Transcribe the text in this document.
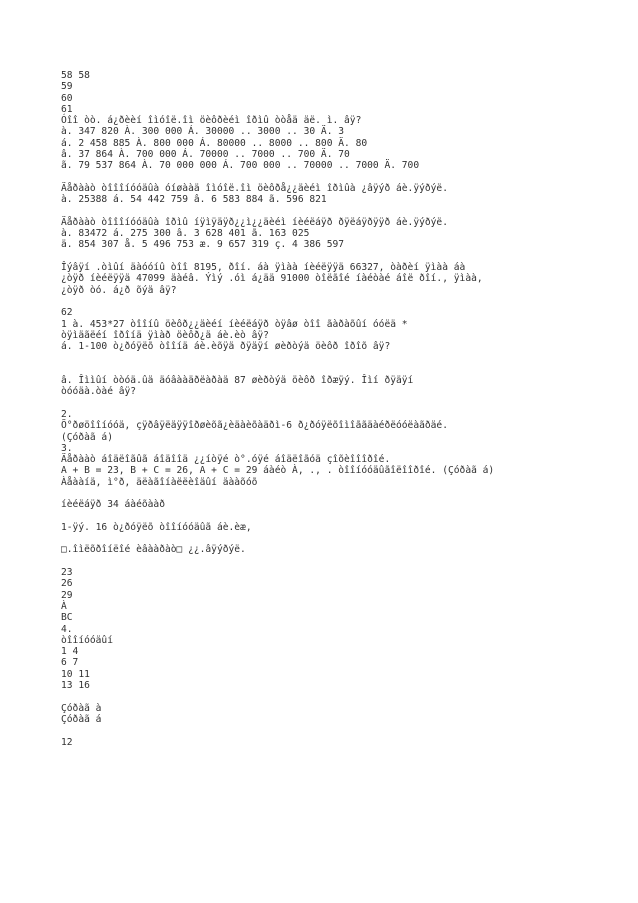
58 58
59
60
61
Óîî òò. á¿ðèèí îìóîë.îì öèôðèéì îðìû òòåä äë. ì. âÿ?
à. 347 820 À. 300 000 Á. 30000 .. 3000 .. 30 Ä. 3
á. 2 458 885 À. 800 000 Á. 80000 .. 8000 .. 800 Ä. 80
â. 37 864 À. 700 000 Á. 70000 .. 7000 .. 700 Ä. 70
ã. 79 537 864 À. 70 000 000 Á. 700 000 .. 70000 .. 7000 Ä. 700
Äåðààò òîîîíóóäûà óíøààä îìóîë.îì öèôðå¿¿äèéì îðìûà ¿âÿýð áè.ÿýðýë.
à. 25388 á. 54 442 759 â. 6 583 884 ã. 596 821
Äåðààò òîîîíóóäûà îðìû íÿìÿäÿð¿¿ì¿¿äèéì íèéëáÿð ðÿëáÿðÿÿð áè.ÿýðýë.
à. 83472 á. 275 300 â. 3 628 401 ã. 163 025
ä. 854 307 å. 5 496 753 æ. 9 657 319 ç. 4 386 597
Îýâÿí .òìûí äàóóíû òîî 8195, ðîí. áà ÿìàà íèéëÿÿä 66327, òàðèí ÿìàà áà
¿òÿð íèéëÿÿä 47099 äàéâ. Ýìý .óì á¿ää 91000 òîëãîé íàéòàé áîë ðîí., ÿìàà,
¿òÿð òó. á¿ð õýä âÿ?
62
1 à. 453*27 òîîíû öèôð¿¿äèéí íèéëáÿð òÿâø òîî ãàðàõûí óóëä *
òÿìäãëéí îðîíä ÿìàð öèôð¿ä áè.èò âÿ?
á. 1-100 ò¿ðóÿëõ òîîíä áè.èõÿä ðÿäÿí øèðòýä öèôð îðîõ âÿ?
â. Îììûí òòóä.ûä äóâààäðëàðàä 87 øèðòýä öèôð îðæÿý. Îìí ðÿäÿí
òóóäà.òàé âÿ?
2.
Õ°ðøöîîíóóä, çÿðâÿëäÿÿîðøèõã¿èäàèõàäðì-6 ð¿ðóÿëõîìîããäàéðëóóëàãðäé.
(Çóðàã á)
3.
Äåðààò áîäëîãûã áîäîîä ¿¿íòÿé ò°.óÿé áîäëîãóä çîõèîîîðîé.
A + B = 23, B + C = 26, A + C = 29 áàéò À, ., . òîîíóóäûãîëîîðîé. (Çóðàã á)
Àåààíä, ì°ð, äëàãîíàëëèîäûí äààõóõ
íèéëáÿð 34 áàéõààð
1-ÿý. 16 ò¿ðóÿëõ òîîíóóäûã áè.èæ,
□.îìëõðîíëîé èâààðàò□ ¿¿.âÿýðýë.
23
26
29
À
BC
4.
òîîíóóäûí
1 4
6 7
10 11
13 16
Çóðàã à
Çóðàã á
12
